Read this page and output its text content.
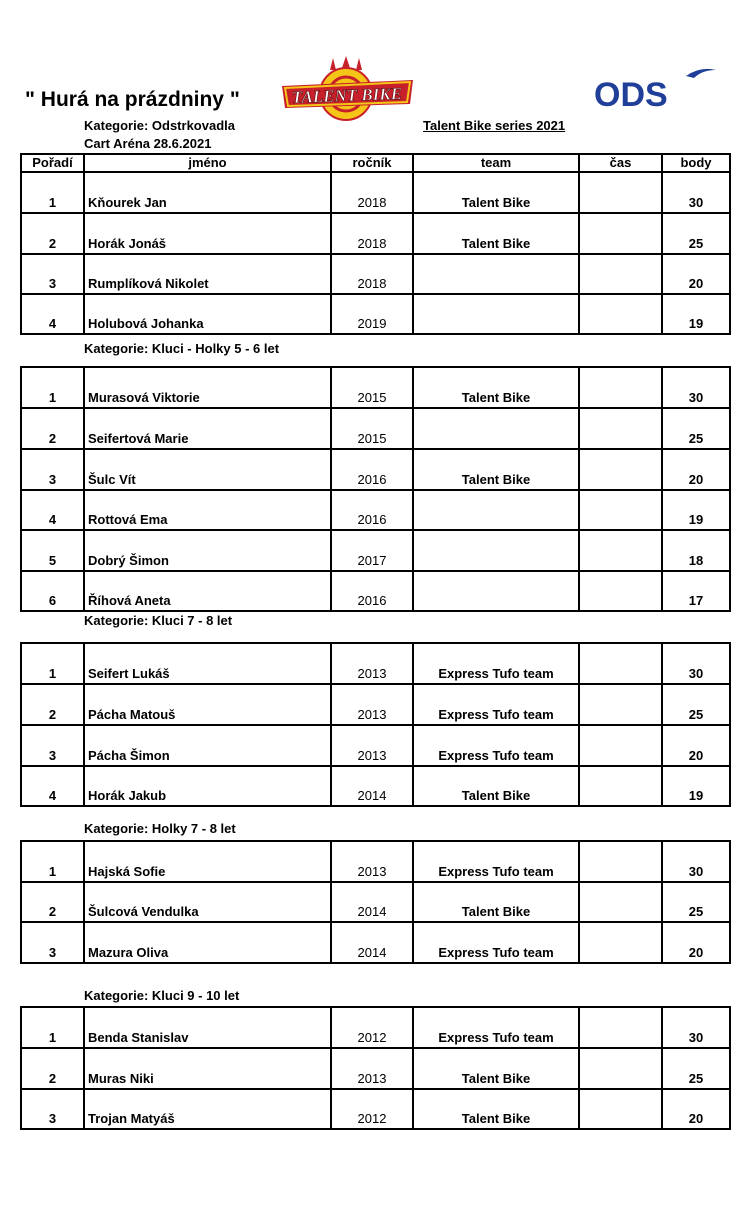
" Hurá na prázdniny "	TALENT BIKE	ODS
Kategorie: Odstrkovadla
Cart Aréna 28.6.2021
Talent Bike series 2021
Pořadí	jméno	ročník	team	čas	body
1	Kňourek Jan	2018	Talent Bike		30
2	Horák Jonáš	2018	Talent Bike		25
3	Rumplíková Nikolet	2018			20
4	Holubová Johanka	2019			19
Kategorie: Kluci - Holky 5 - 6 let
1	Murasová Viktorie	2015	Talent Bike		30
2	Seifertová Marie	2015			25
3	Šulc Vít	2016	Talent Bike		20
4	Rottová Ema	2016			19
5	Dobrý Šimon	2017			18
6	Říhová Aneta	2016			17
Kategorie: Kluci 7 - 8 let
1	Seifert Lukáš	2013	Express Tufo team		30
2	Pácha Matouš	2013	Express Tufo team		25
3	Pácha Šimon	2013	Express Tufo team		20
4	Horák Jakub	2014	Talent Bike		19
Kategorie: Holky 7 - 8 let
1	Hajská Sofie	2013	Express Tufo team		30
2	Šulcová Vendulka	2014	Talent Bike		25
3	Mazura Oliva	2014	Express Tufo team		20
Kategorie: Kluci 9 - 10 let
1	Benda Stanislav	2012	Express Tufo team		30
2	Muras Niki	2013	Talent Bike		25
3	Trojan Matyáš	2012	Talent Bike		20
